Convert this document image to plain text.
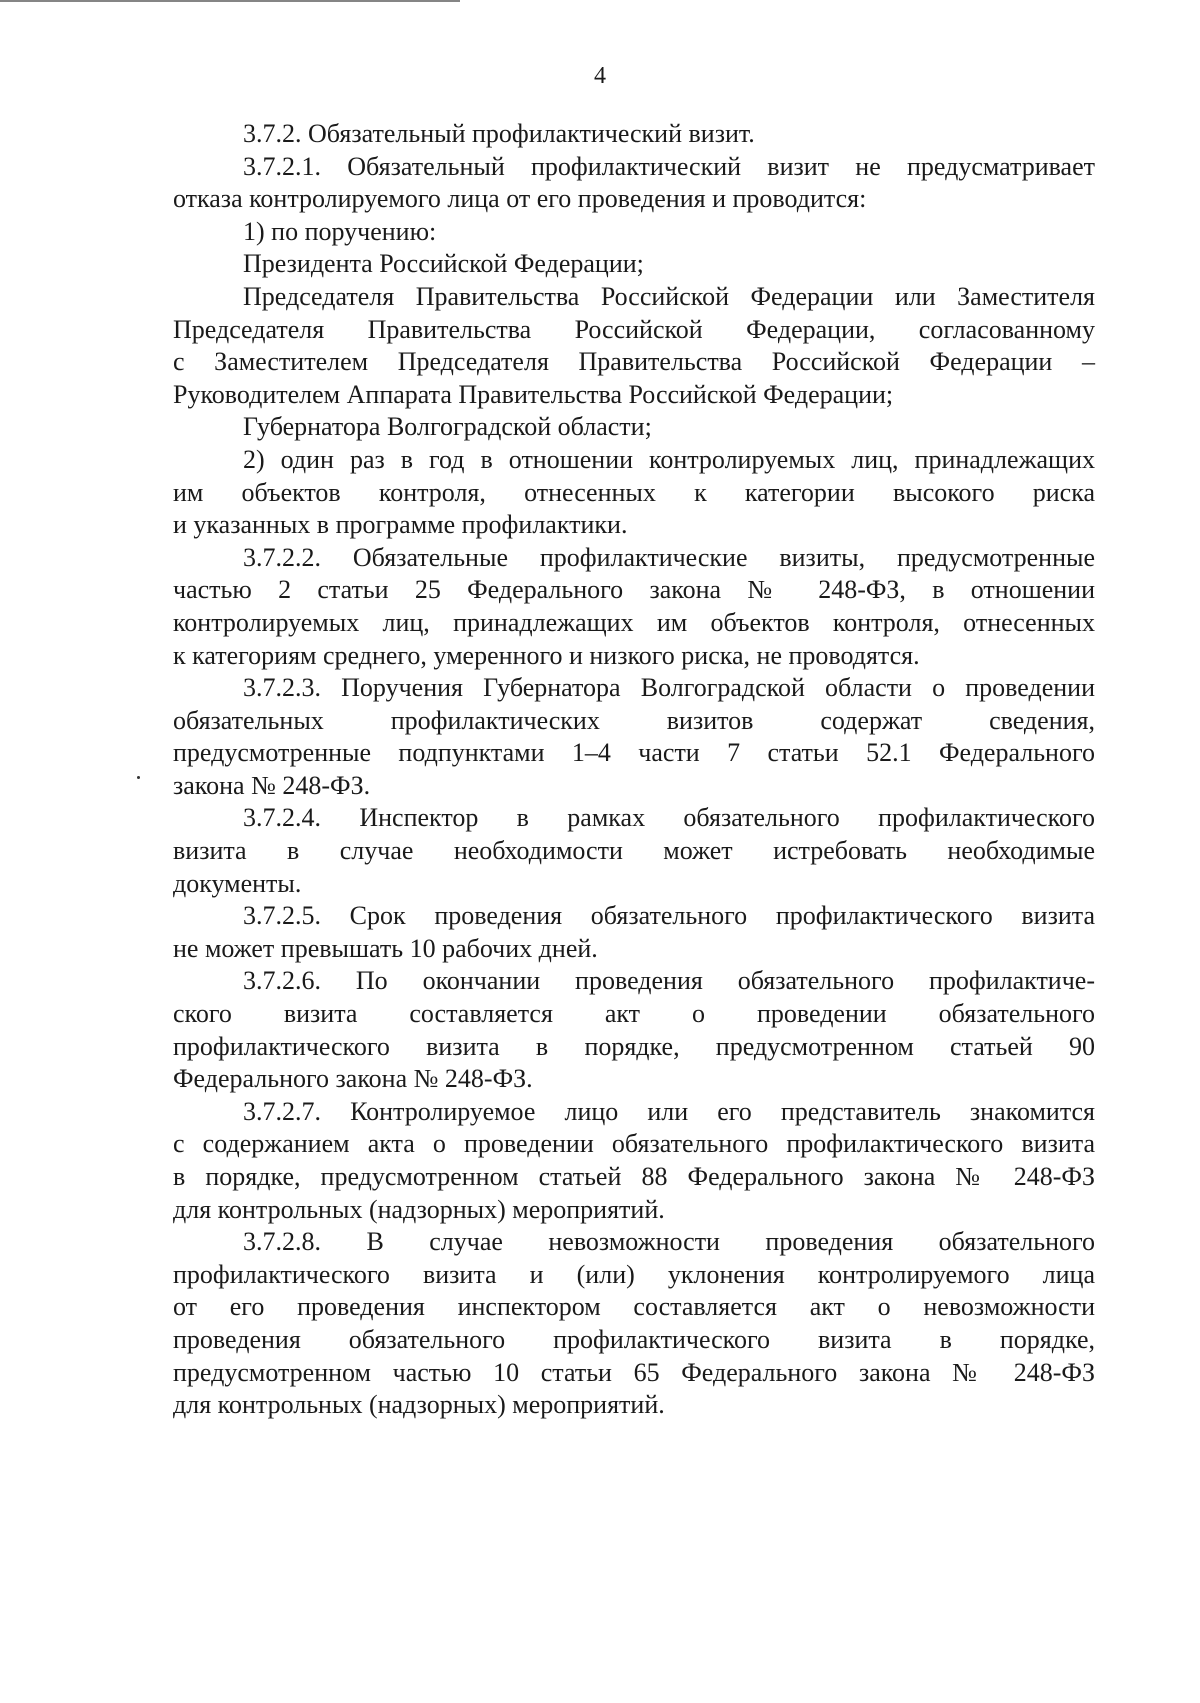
4
3.7.2. Обязательный профилактический визит.
3.7.2.1. Обязательный профилактический визит не предусматривает
отказа контролируемого лица от его проведения и проводится:
1) по поручению:
Президента Российской Федерации;
Председателя Правительства Российской Федерации или Заместителя
Председателя Правительства Российской Федерации, согласованному
с Заместителем Председателя Правительства Российской Федерации –
Руководителем Аппарата Правительства Российской Федерации;
Губернатора Волгоградской области;
2) один раз в год в отношении контролируемых лиц, принадлежащих
им объектов контроля, отнесенных к категории высокого риска
и указанных в программе профилактики.
3.7.2.2. Обязательные профилактические визиты, предусмотренные
частью 2 статьи 25 Федерального закона № 248-ФЗ, в отношении
контролируемых лиц, принадлежащих им объектов контроля, отнесенных
к категориям среднего, умеренного и низкого риска, не проводятся.
3.7.2.3. Поручения Губернатора Волгоградской области о проведении
обязательных профилактических визитов содержат сведения,
предусмотренные подпунктами 1–4 части 7 статьи 52.1 Федерального
закона № 248-ФЗ.
3.7.2.4. Инспектор в рамках обязательного профилактического
визита в случае необходимости может истребовать необходимые
документы.
3.7.2.5. Срок проведения обязательного профилактического визита
не может превышать 10 рабочих дней.
3.7.2.6. По окончании проведения обязательного профилактиче-
ского визита составляется акт о проведении обязательного
профилактического визита в порядке, предусмотренном статьей 90
Федерального закона № 248-ФЗ.
3.7.2.7. Контролируемое лицо или его представитель знакомится
с содержанием акта о проведении обязательного профилактического визита
в порядке, предусмотренном статьей 88 Федерального закона № 248-ФЗ
для контрольных (надзорных) мероприятий.
3.7.2.8. В случае невозможности проведения обязательного
профилактического визита и (или) уклонения контролируемого лица
от его проведения инспектором составляется акт о невозможности
проведения обязательного профилактического визита в порядке,
предусмотренном частью 10 статьи 65 Федерального закона № 248-ФЗ
для контрольных (надзорных) мероприятий.
